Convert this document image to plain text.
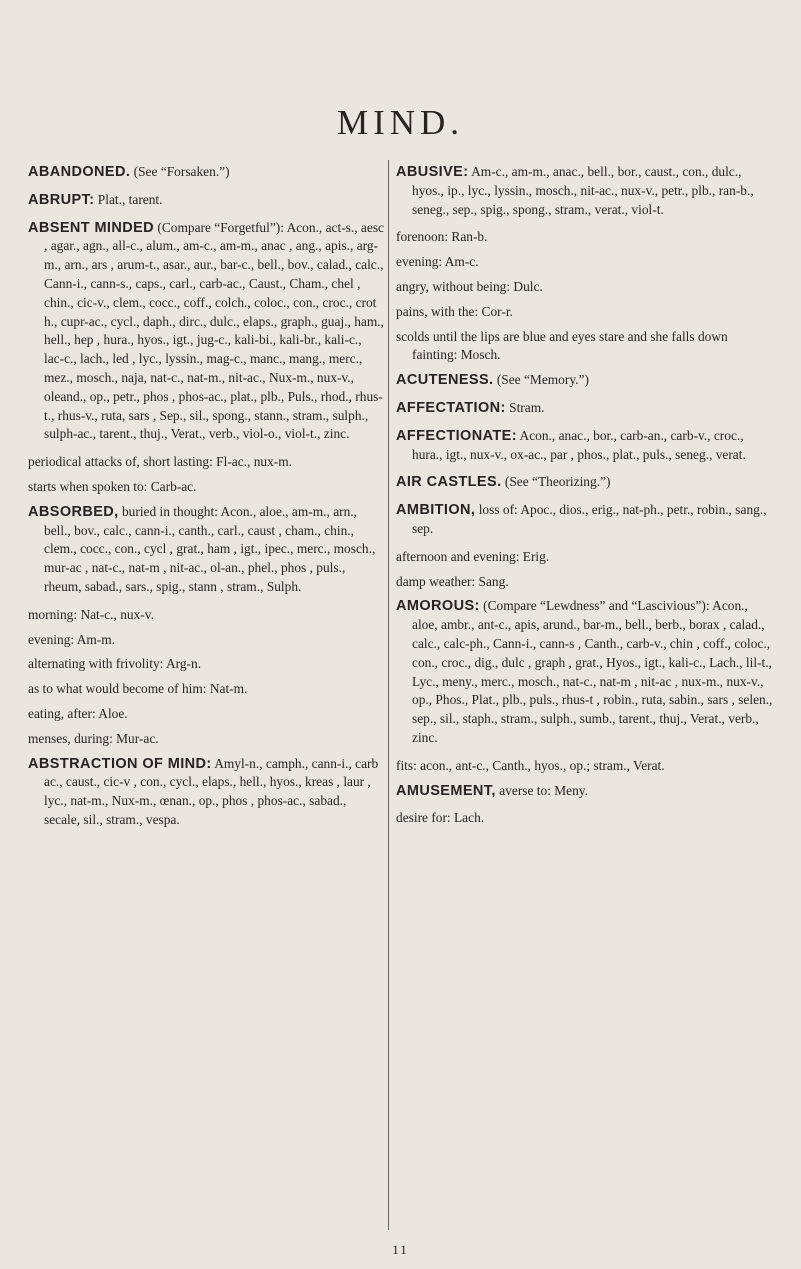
MIND.

ABANDONED. (See “Forsaken.”)

ABRUPT: Plat., tarent.

ABSENT MINDED (Compare “Forgetful”): Acon., act-s., aesc , agar., agn., all-c., alum., am-c., am-m., anac , ang., apis., arg-m., arn., ars , arum-t., asar., aur., bar-c., bell., bov., calad., calc., Cann-i., cann-s., caps., carl., carb-ac., Caust., Cham., chel , chin., cic-v., clem., cocc., coff., colch., coloc., con., croc., crot h., cupr-ac., cycl., daph., dirc., dulc., elaps., graph., guaj., ham., hell., hep , hura., hyos., igt., jug-c., kali-bi., kali-br., kali-c., lac-c., lach., led , lyc., lyssin., mag-c., manc., mang., merc., mez., mosch., naja, nat-c., nat-m., nit-ac., Nux-m., nux-v., oleand., op., petr., phos , phos-ac., plat., plb., Puls., rhod., rhus-t., rhus-v., ruta, sars , Sep., sil., spong., stann., stram., sulph., sulph-ac., tarent., thuj., Verat., verb., viol-o., viol-t., zinc.

periodical attacks of, short lasting: Fl-ac., nux-m.

starts when spoken to: Carb-ac.

ABSORBED, buried in thought: Acon., aloe., am-m., arn., bell., bov., calc., cann-i., canth., carl., caust , cham., chin., clem., cocc., con., cycl , grat., ham , igt., ipec., merc., mosch., mur-ac , nat-c., nat-m , nit-ac., ol-an., phel., phos , puls., rheum, sabad., sars., spig., stann , stram., Sulph.

morning: Nat-c., nux-v.

evening: Am-m.

alternating with frivolity: Arg-n.

as to what would become of him: Nat-m.

eating, after: Aloe.

menses, during: Mur-ac.

ABSTRACTION OF MIND: Amyl-n., camph., cann-i., carb ac., caust., cic-v , con., cycl., elaps., hell., hyos., kreas , laur , lyc., nat-m., Nux-m., œnan., op., phos , phos-ac., sabad., secale, sil., stram., vespa.

ABUSIVE: Am-c., am-m., anac., bell., bor., caust., con., dulc., hyos., ip., lyc., lyssin., mosch., nit-ac., nux-v., petr., plb., ran-b., seneg., sep., spig., spong., stram., verat., viol-t.

forenoon: Ran-b.

evening: Am-c.

angry, without being: Dulc.

pains, with the: Cor-r.

scolds until the lips are blue and eyes stare and she falls down fainting: Mosch.

ACUTENESS. (See “Memory.”)

AFFECTATION: Stram.

AFFECTIONATE: Acon., anac., bor., carb-an., carb-v., croc., hura., igt., nux-v., ox-ac., par , phos., plat., puls., seneg., verat.

AIR CASTLES. (See “Theorizing.”)

AMBITION, loss of: Apoc., dios., erig., nat-ph., petr., robin., sang., sep.

afternoon and evening: Erig.

damp weather: Sang.

AMOROUS: (Compare “Lewdness” and “Lascivious”): Acon., aloe, ambr., ant-c., apis, arund., bar-m., bell., berb., borax , calad., calc., calc-ph., Cann-i., cann-s , Canth., carb-v., chin , coff., coloc., con., croc., dig., dulc , graph , grat., Hyos., igt., kali-c., Lach., lil-t., Lyc., meny., merc., mosch., nat-c., nat-m , nit-ac , nux-m., nux-v., op., Phos., Plat., plb., puls., rhus-t , robin., ruta, sabin., sars , selen., sep., sil., staph., stram., sulph., sumb., tarent., thuj., Verat., verb., zinc.

fits: acon., ant-c., Canth., hyos., op.; stram., Verat.

AMUSEMENT, averse to: Meny.

desire for: Lach.

11
